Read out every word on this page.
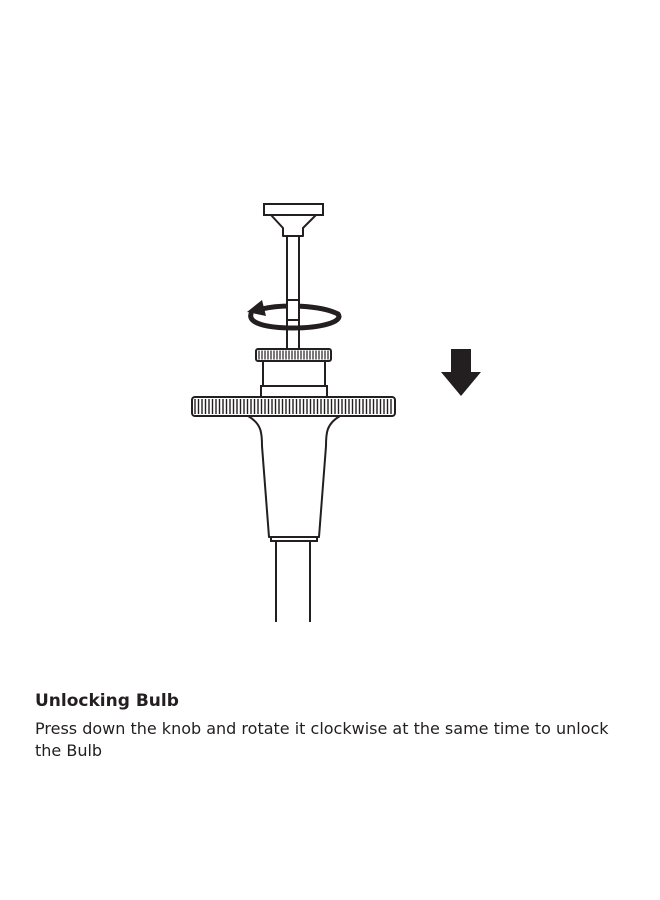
Unlocking Bulb

Press down the knob and rotate it clockwise at the same time to unlock the Bulb
